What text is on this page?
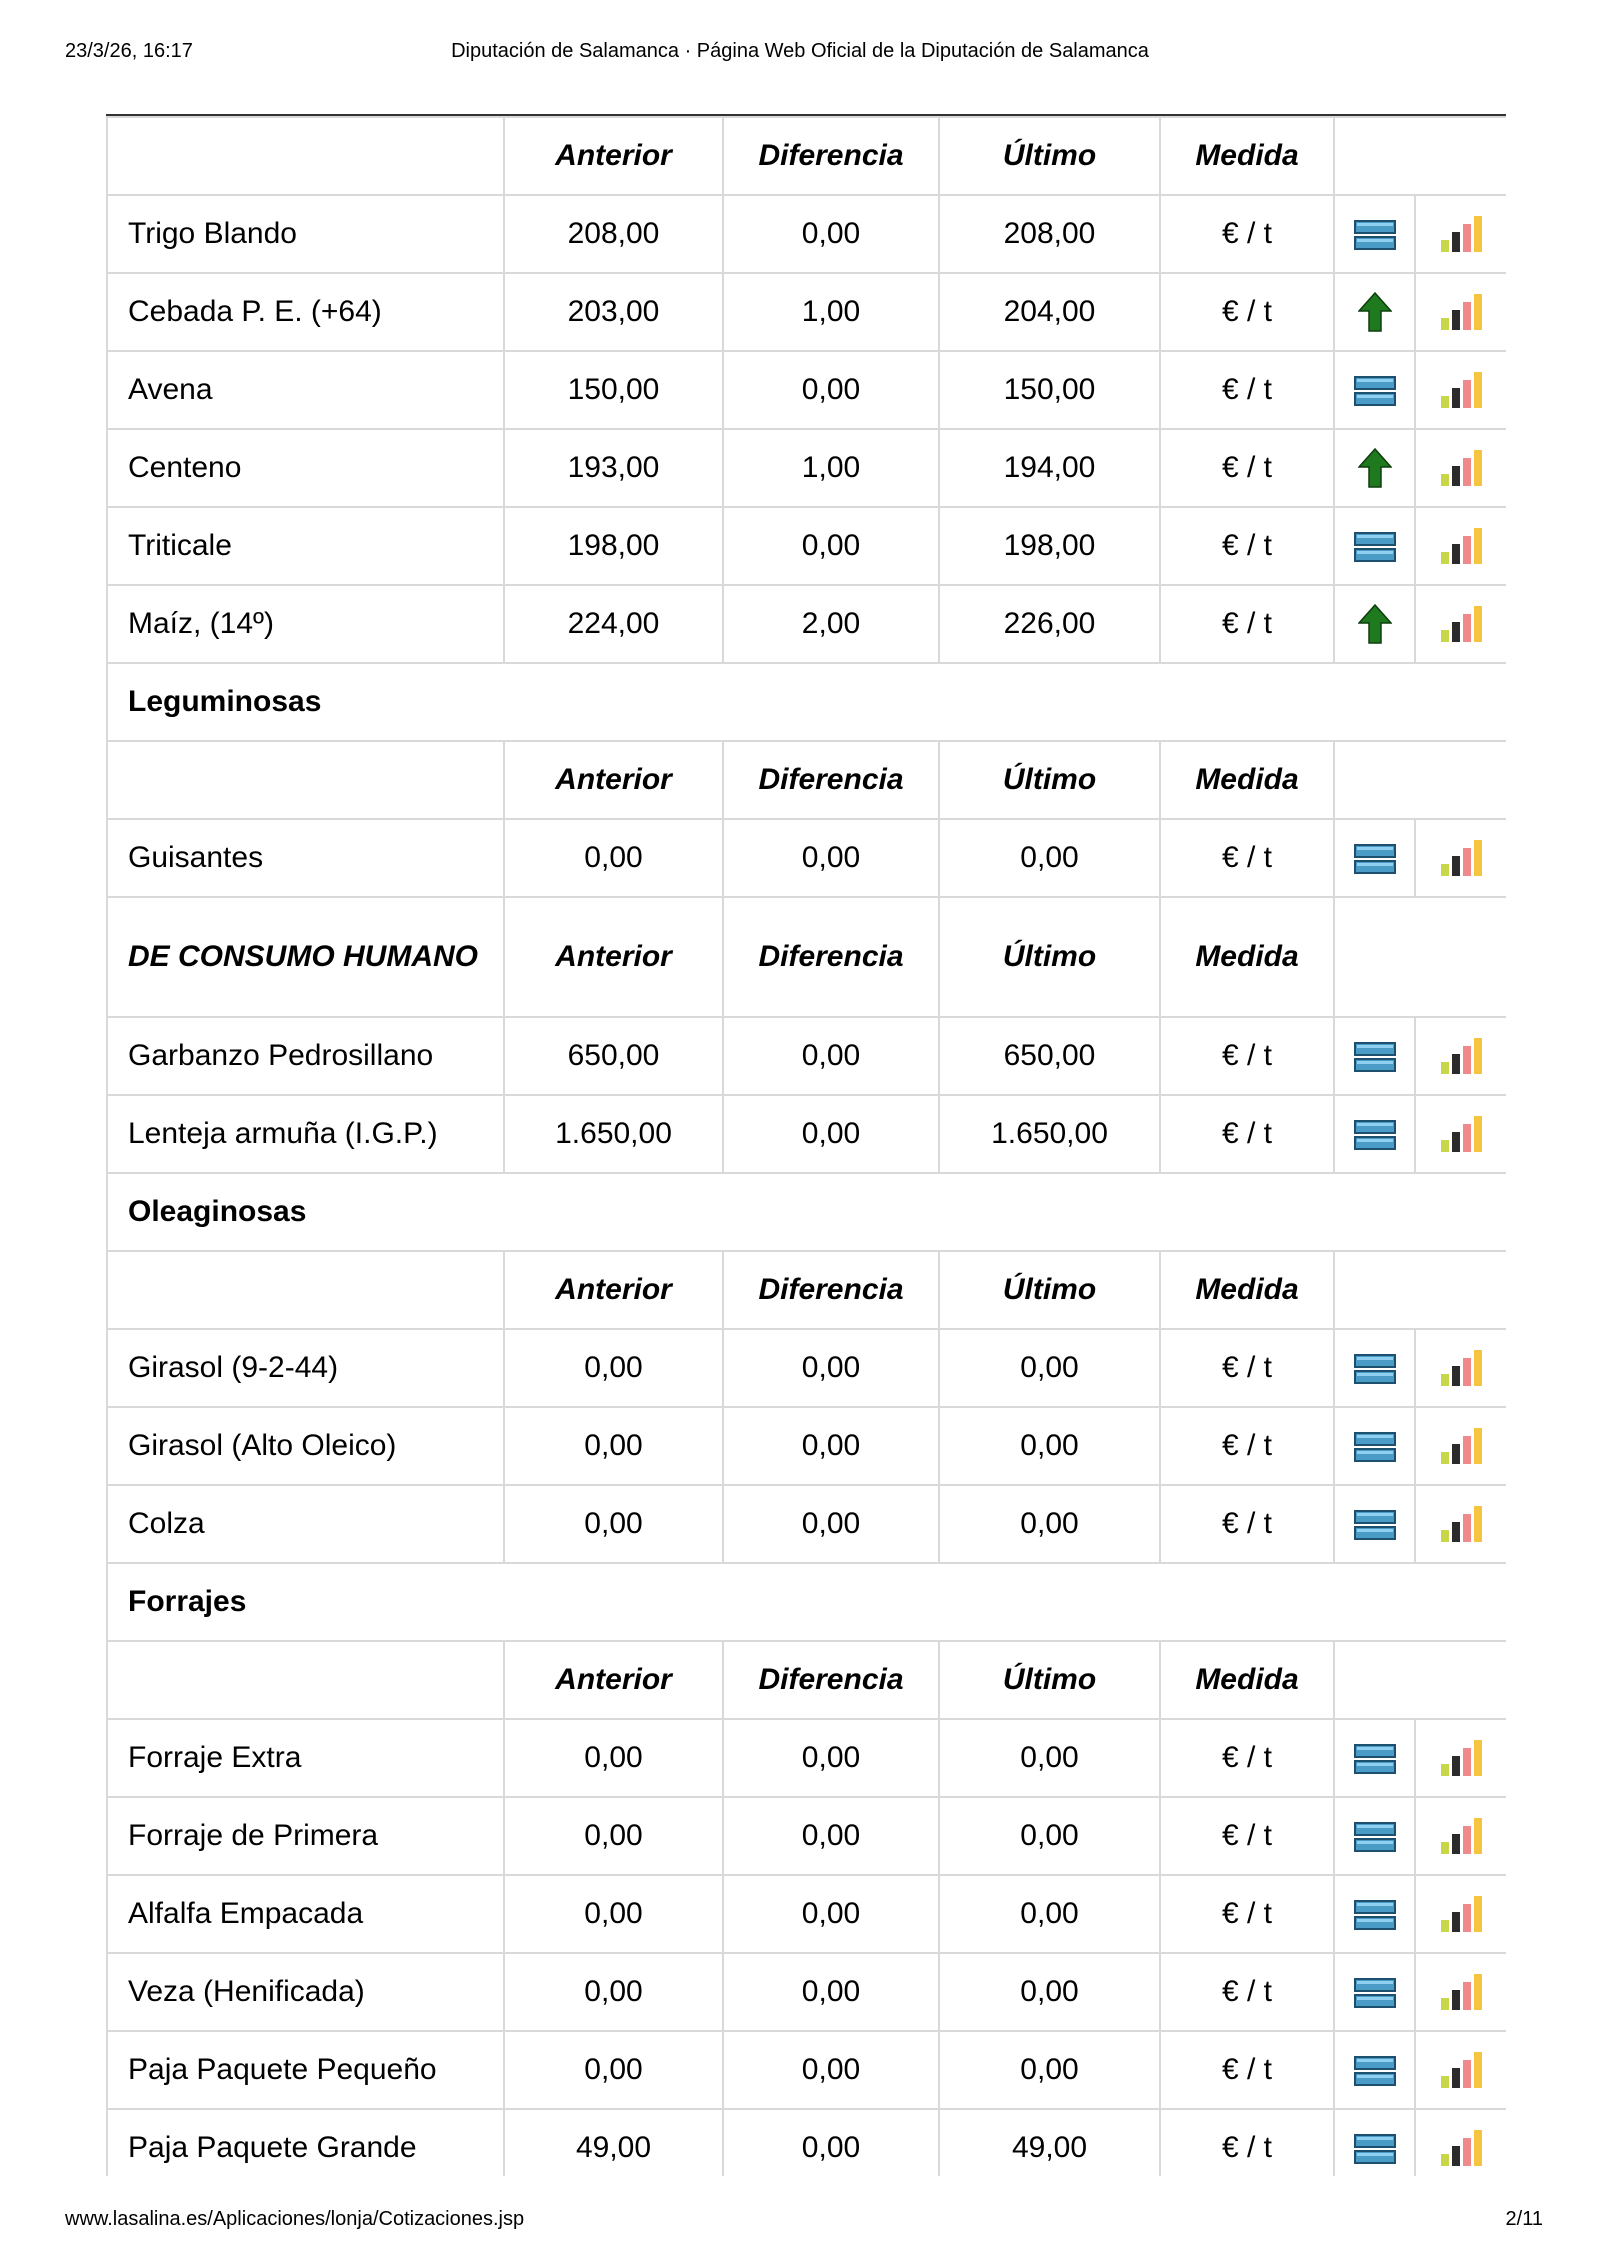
23/3/26, 16:17	Diputación de Salamanca · Página Web Oficial de la Diputación de Salamanca
	Anterior	Diferencia	Último	Medida		
Trigo Blando	208,00	0,00	208,00	€ / t		
Cebada P. E. (+64)	203,00	1,00	204,00	€ / t		
Avena	150,00	0,00	150,00	€ / t		
Centeno	193,00	1,00	194,00	€ / t		
Triticale	198,00	0,00	198,00	€ / t		
Maíz, (14º)	224,00	2,00	226,00	€ / t		
Leguminosas						
	Anterior	Diferencia	Último	Medida		
Guisantes	0,00	0,00	0,00	€ / t		
DE CONSUMO HUMANO	Anterior	Diferencia	Último	Medida		
Garbanzo Pedrosillano	650,00	0,00	650,00	€ / t		
Lenteja armuña (I.G.P.)	1.650,00	0,00	1.650,00	€ / t		
Oleaginosas						
	Anterior	Diferencia	Último	Medida		
Girasol (9-2-44)	0,00	0,00	0,00	€ / t		
Girasol (Alto Oleico)	0,00	0,00	0,00	€ / t		
Colza	0,00	0,00	0,00	€ / t		
Forrajes						
	Anterior	Diferencia	Último	Medida		
Forraje Extra	0,00	0,00	0,00	€ / t		
Forraje de Primera	0,00	0,00	0,00	€ / t		
Alfalfa Empacada	0,00	0,00	0,00	€ / t		
Veza (Henificada)	0,00	0,00	0,00	€ / t		
Paja Paquete Pequeño	0,00	0,00	0,00	€ / t		
Paja Paquete Grande	49,00	0,00	49,00	€ / t		
www.lasalina.es/Aplicaciones/lonja/Cotizaciones.jsp	2/11
